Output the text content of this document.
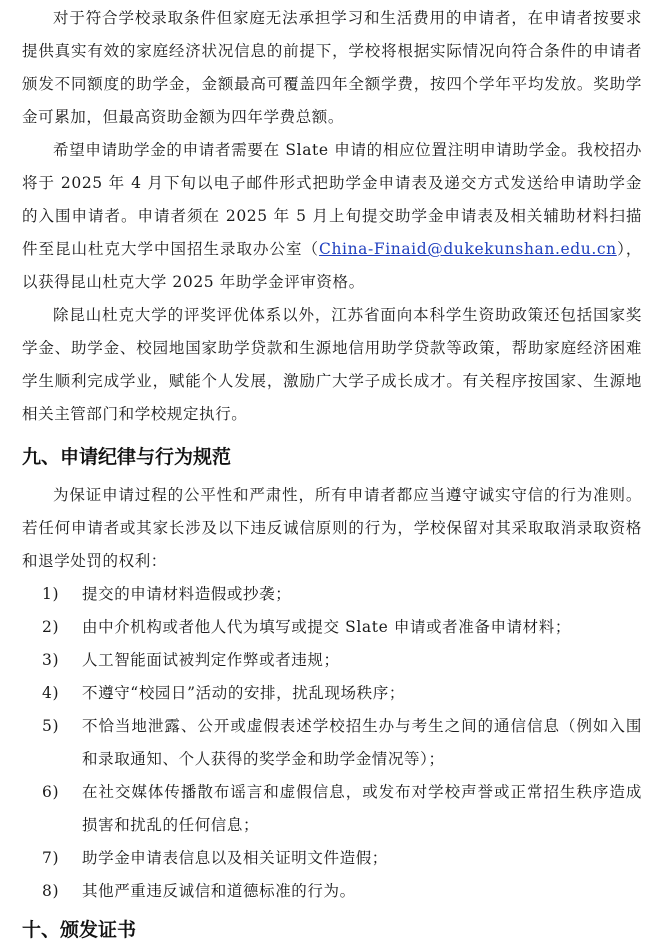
对于符合学校录取条件但家庭无法承担学习和生活费用的申请者，在申请者按要求提供真实有效的家庭经济状况信息的前提下，学校将根据实际情况向符合条件的申请者颁发不同额度的助学金，金额最高可覆盖四年全额学费，按四个学年平均发放。奖助学金可累加，但最高资助金额为四年学费总额。

希望申请助学金的申请者需要在 Slate 申请的相应位置注明申请助学金。我校招办将于 2025 年 4 月下旬以电子邮件形式把助学金申请表及递交方式发送给申请助学金的入围申请者。申请者须在 2025 年 5 月上旬提交助学金申请表及相关辅助材料扫描件至昆山杜克大学中国招生录取办公室（China-Finaid@dukekunshan.edu.cn），以获得昆山杜克大学 2025 年助学金评审资格。

除昆山杜克大学的评奖评优体系以外，江苏省面向本科学生资助政策还包括国家奖学金、助学金、校园地国家助学贷款和生源地信用助学贷款等政策，帮助家庭经济困难学生顺利完成学业，赋能个人发展，激励广大学子成长成才。有关程序按国家、生源地相关主管部门和学校规定执行。

九、申请纪律与行为规范

为保证申请过程的公平性和严肃性，所有申请者都应当遵守诚实守信的行为准则。若任何申请者或其家长涉及以下违反诚信原则的行为，学校保留对其采取取消录取资格和退学处罚的权利：

1)	提交的申请材料造假或抄袭；
2)	由中介机构或者他人代为填写或提交 Slate 申请或者准备申请材料；
3)	人工智能面试被判定作弊或者违规；
4)	不遵守“校园日”活动的安排，扰乱现场秩序；
5)	不恰当地泄露、公开或虚假表述学校招生办与考生之间的通信信息（例如入围和录取通知、个人获得的奖学金和助学金情况等）；
6)	在社交媒体传播散布谣言和虚假信息，或发布对学校声誉或正常招生秩序造成损害和扰乱的任何信息；
7)	助学金申请表信息以及相关证明文件造假；
8)	其他严重违反诚信和道德标准的行为。
十、颁发证书
